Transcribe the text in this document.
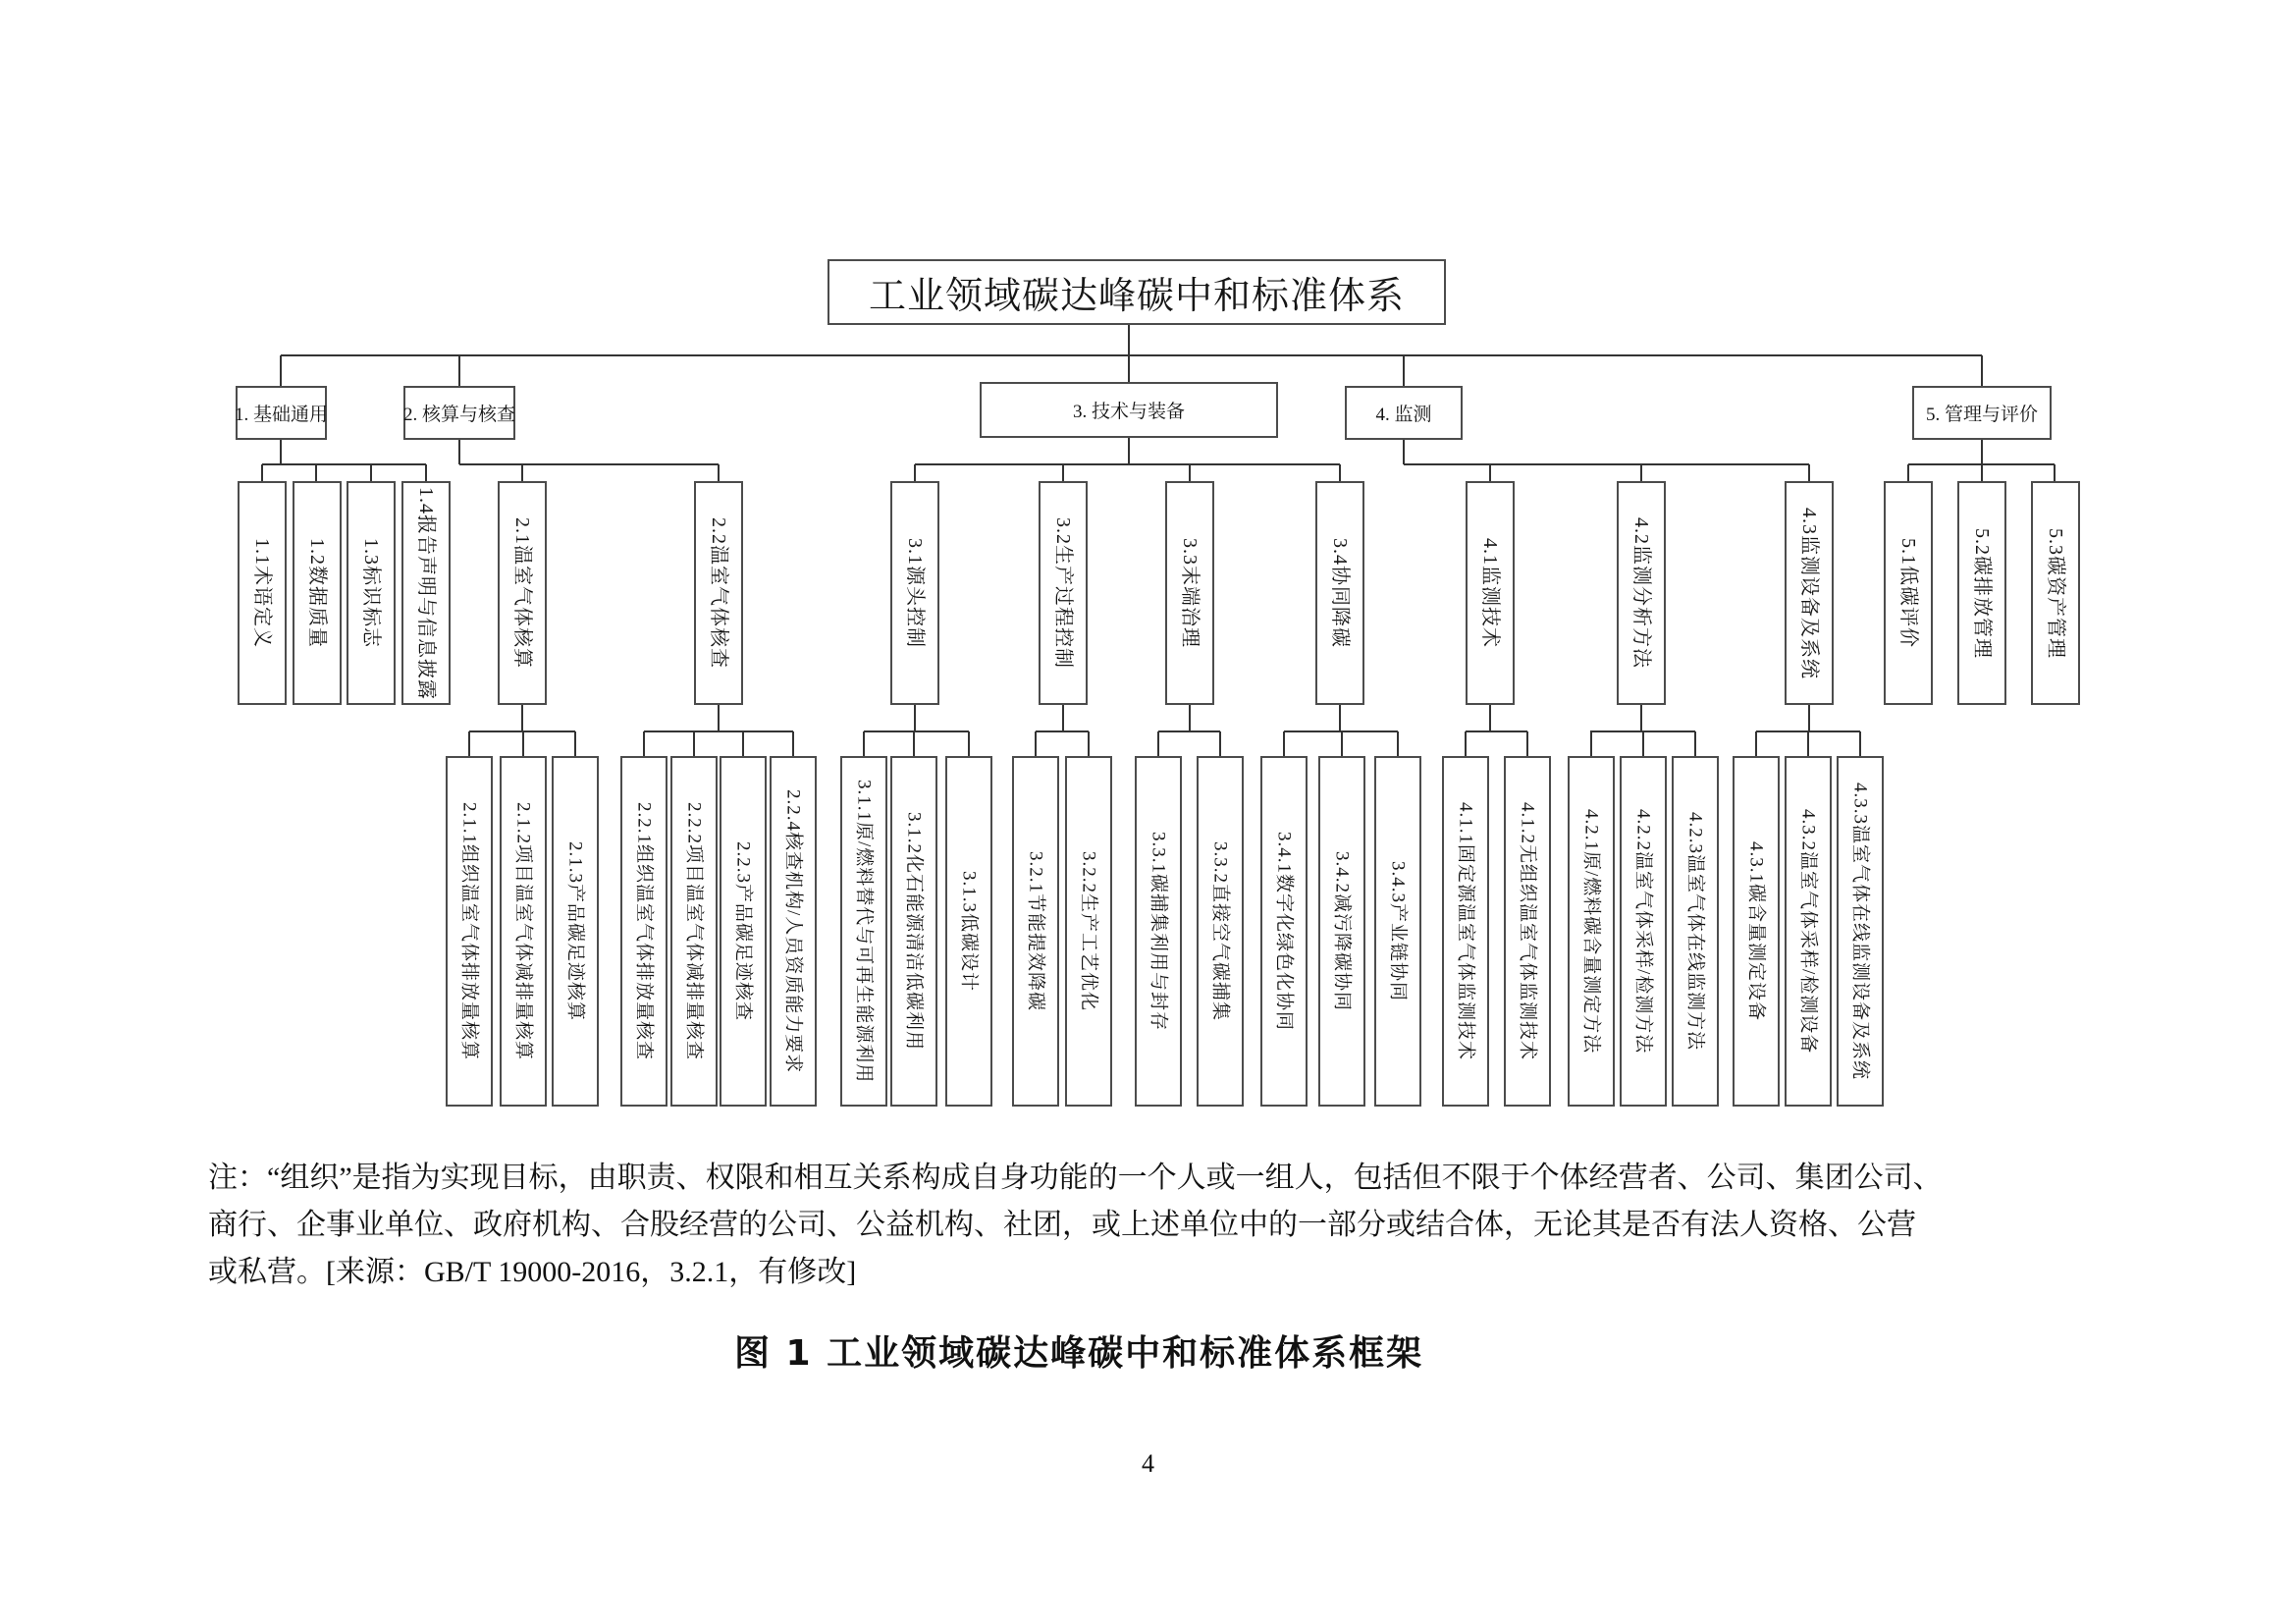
工业领域碳达峰碳中和标准体系
1. 基础通用	2. 核算与核查	3. 技术与装备	4. 监测	5. 管理与评价
1.1术语定义	1.2数据质量	1.3标识标志	1.4报告声明与信息披露	2.1温室气体核算	2.2温室气体核查	3.1源头控制	3.2生产过程控制	3.3末端治理	3.4协同降碳	4.1监测技术	4.2监测分析方法	4.3监测设备及系统	5.1低碳评价	5.2碳排放管理	5.3碳资产管理
2.1.1组织温室气体排放量核算	2.1.2项目温室气体减排量核算	2.1.3产品碳足迹核算	2.2.1组织温室气体排放量核查	2.2.2项目温室气体减排量核查	2.2.3产品碳足迹核查	2.2.4核查机构/人员资质能力要求	3.1.1原/燃料替代与可再生能源利用	3.1.2化石能源清洁低碳利用	3.1.3低碳设计	3.2.1节能提效降碳	3.2.2生产工艺优化	3.3.1碳捕集利用与封存	3.3.2直接空气碳捕集	3.4.1数字化绿色化协同	3.4.2减污降碳协同	3.4.3产业链协同	4.1.1固定源温室气体监测技术	4.1.2无组织温室气体监测技术	4.2.1原/燃料碳含量测定方法	4.2.2温室气体采样/检测方法	4.2.3温室气体在线监测方法	4.3.1碳含量测定设备	4.3.2温室气体采样/检测设备	4.3.3温室气体在线监测设备及系统
注：“组织”是指为实现目标，由职责、权限和相互关系构成自身功能的一个人或一组人，包括但不限于个体经营者、公司、集团公司、
商行、企事业单位、政府机构、合股经营的公司、公益机构、社团，或上述单位中的一部分或结合体，无论其是否有法人资格、公营
或私营。[来源：GB/T 19000-2016，3.2.1，有修改]
图 1 工业领域碳达峰碳中和标准体系框架
4
